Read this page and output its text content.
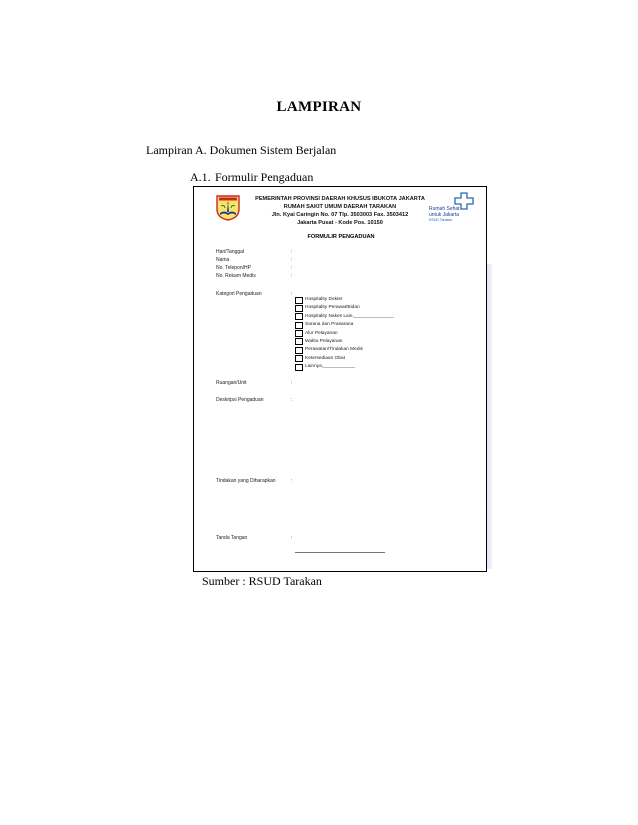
LAMPIRAN
Lampiran A. Dokumen Sistem Berjalan
A.1. Formulir Pengaduan
PEMERINTAH PROVINSI DAERAH KHUSUS IBUKOTA JAKARTA
RUMAH SAKIT UMUM DAERAH TARAKAN
Jln. Kyai Caringin No. 07 Tlp. 3503003 Fax. 3503412
Jakarta Pusat - Kode Pos. 10150
Rumah Sehat
untuk Jakarta
RSUD Tarakan
FORMULIR PENGADUAN
Hari/Tanggal	:
Nama	:
No. Telepon/HP	:
No. Rekam Medis	:
Kategori Pengaduan	:
Hospitality Dokter
Hospitality Perawat/Bidan
Hospitality Nakes Lain,_______________
Sarana dan Prasarana
Alur Pelayanan
Waktu Pelayanan
Perawatan/Tindakan Medis
Ketersediaan Obat
Lainnya,____________
Ruangan/Unit	:
Deskripsi Pengaduan	:
Tindakan yang Diharapkan	:
Tanda Tangan	:
Sumber : RSUD Tarakan
